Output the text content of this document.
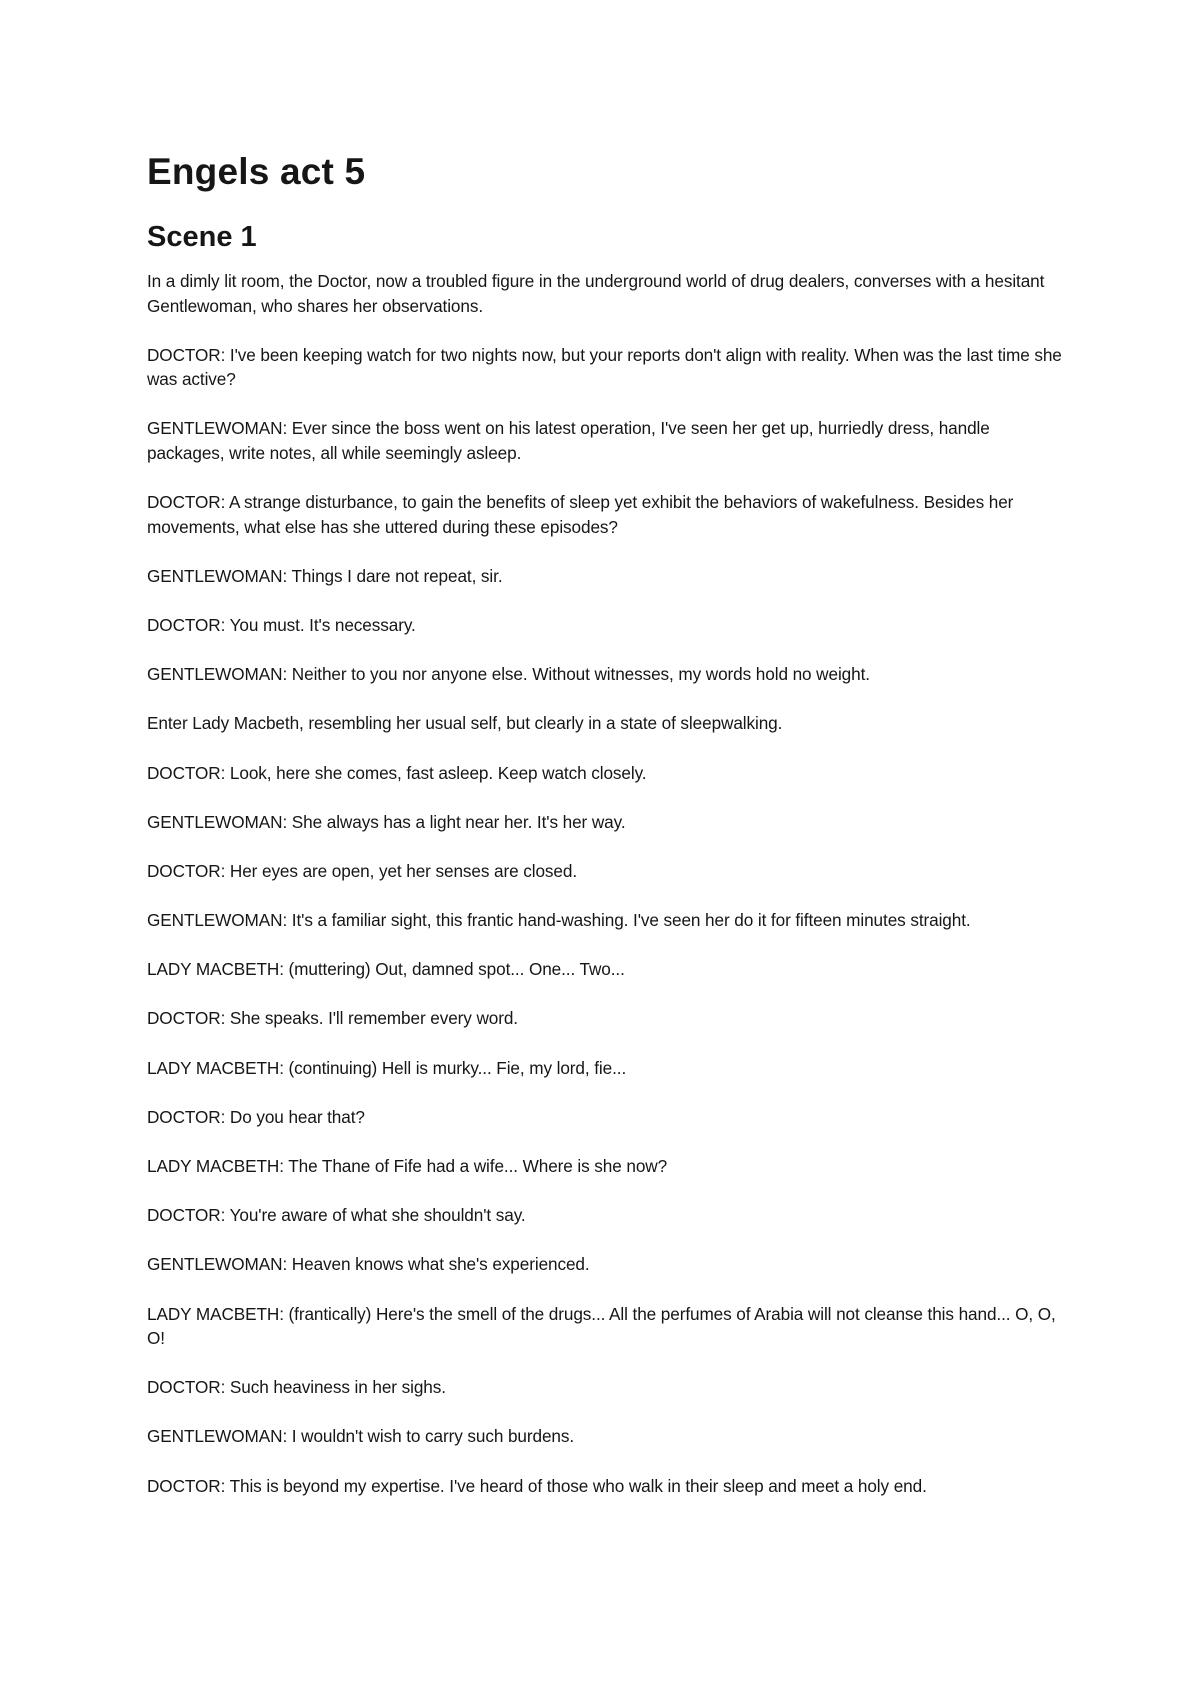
Engels act 5
Scene 1

In a dimly lit room, the Doctor, now a troubled figure in the underground world of drug dealers, converses with a hesitant Gentlewoman, who shares her observations.

DOCTOR: I've been keeping watch for two nights now, but your reports don't align with reality. When was the last time she was active?

GENTLEWOMAN: Ever since the boss went on his latest operation, I've seen her get up, hurriedly dress, handle packages, write notes, all while seemingly asleep.

DOCTOR: A strange disturbance, to gain the benefits of sleep yet exhibit the behaviors of wakefulness. Besides her movements, what else has she uttered during these episodes?

GENTLEWOMAN: Things I dare not repeat, sir.

DOCTOR: You must. It's necessary.

GENTLEWOMAN: Neither to you nor anyone else. Without witnesses, my words hold no weight.

Enter Lady Macbeth, resembling her usual self, but clearly in a state of sleepwalking.

DOCTOR: Look, here she comes, fast asleep. Keep watch closely.

GENTLEWOMAN: She always has a light near her. It's her way.

DOCTOR: Her eyes are open, yet her senses are closed.

GENTLEWOMAN: It's a familiar sight, this frantic hand-washing. I've seen her do it for fifteen minutes straight.

LADY MACBETH: (muttering) Out, damned spot... One... Two...

DOCTOR: She speaks. I'll remember every word.

LADY MACBETH: (continuing) Hell is murky... Fie, my lord, fie...

DOCTOR: Do you hear that?

LADY MACBETH: The Thane of Fife had a wife... Where is she now?

DOCTOR: You're aware of what she shouldn't say.

GENTLEWOMAN: Heaven knows what she's experienced.

LADY MACBETH: (frantically) Here's the smell of the drugs... All the perfumes of Arabia will not cleanse this hand... O, O, O!

DOCTOR: Such heaviness in her sighs.

GENTLEWOMAN: I wouldn't wish to carry such burdens.

DOCTOR: This is beyond my expertise. I've heard of those who walk in their sleep and meet a holy end.
